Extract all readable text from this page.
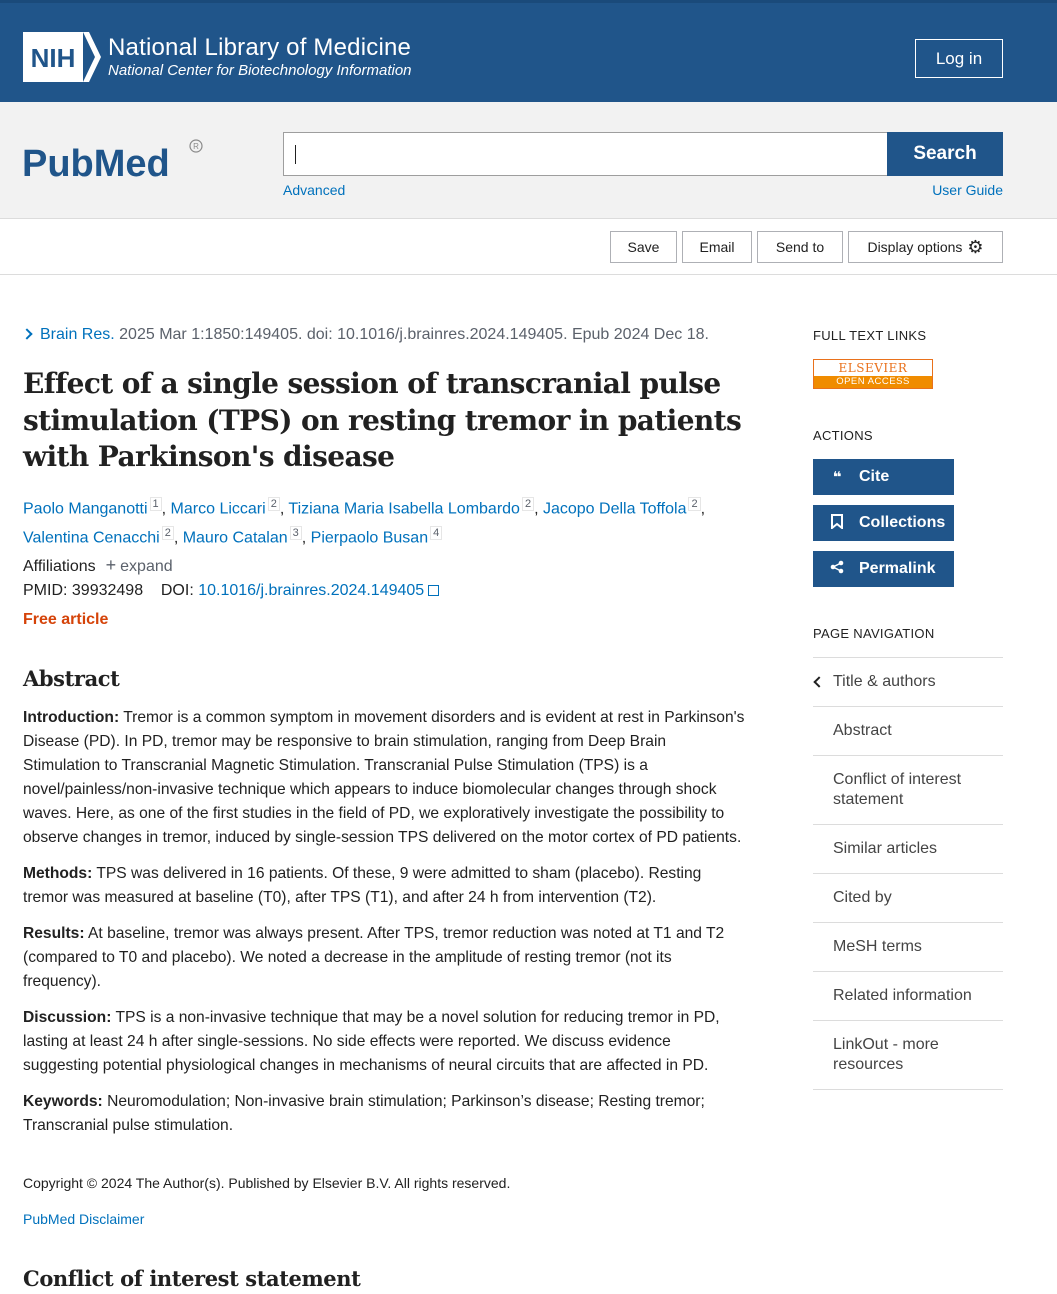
NIH National Library of Medicine
National Center for Biotechnology Information
Log in
PubMed	R	Search
Advanced	User Guide
Save	Email	Send to	Display options ⚙
Brain Res. 2025 Mar 1:1850:149405. doi: 10.1016/j.brainres.2024.149405. Epub 2024 Dec 18.
Effect of a single session of transcranial pulse stimulation (TPS) on resting tremor in patients with Parkinson's disease
Paolo Manganotti $^1$ , Marco Liccari $^2$ , Tiziana Maria Isabella Lombardo $^2$ , Jacopo Della Toffola $^2$ ,
Valentina Cenacchi $^2$ , Mauro Catalan $^3$ , Pierpaolo Busan $^4$
Affiliations + expand
PMID: 39932498 DOI: 10.1016/j.brainres.2024.149405
Free article
Abstract

Introduction: Tremor is a common symptom in movement disorders and is evident at rest in Parkinson's Disease (PD). In PD, tremor may be responsive to brain stimulation, ranging from Deep Brain Stimulation to Transcranial Magnetic Stimulation. Transcranial Pulse Stimulation (TPS) is a novel/painless/non-invasive technique which appears to induce biomolecular changes through shock waves. Here, as one of the first studies in the field of PD, we exploratively investigate the possibility to observe changes in tremor, induced by single-session TPS delivered on the motor cortex of PD patients.

Methods: TPS was delivered in 16 patients. Of these, 9 were admitted to sham (placebo). Resting tremor was measured at baseline (T0), after TPS (T1), and after 24 h from intervention (T2).

Results: At baseline, tremor was always present. After TPS, tremor reduction was noted at T1 and T2 (compared to T0 and placebo). We noted a decrease in the amplitude of resting tremor (not its frequency).

Discussion: TPS is a non-invasive technique that may be a novel solution for reducing tremor in PD, lasting at least 24 h after single-sessions. No side effects were reported. We discuss evidence suggesting potential physiological changes in mechanisms of neural circuits that are affected in PD.

Keywords: Neuromodulation; Non-invasive brain stimulation; Parkinson’s disease; Resting tremor; Transcranial pulse stimulation.

Copyright © 2024 The Author(s). Published by Elsevier B.V. All rights reserved.
PubMed Disclaimer
Conflict of interest statement
FULL TEXT LINKS
ELSEVIER
OPEN ACCESS
ACTIONS
❝	Cite
Collections
Permalink
PAGE NAVIGATION
Title & authors
Abstract
Conflict of interest statement
Similar articles
Cited by
MeSH terms
Related information
LinkOut - more resources
